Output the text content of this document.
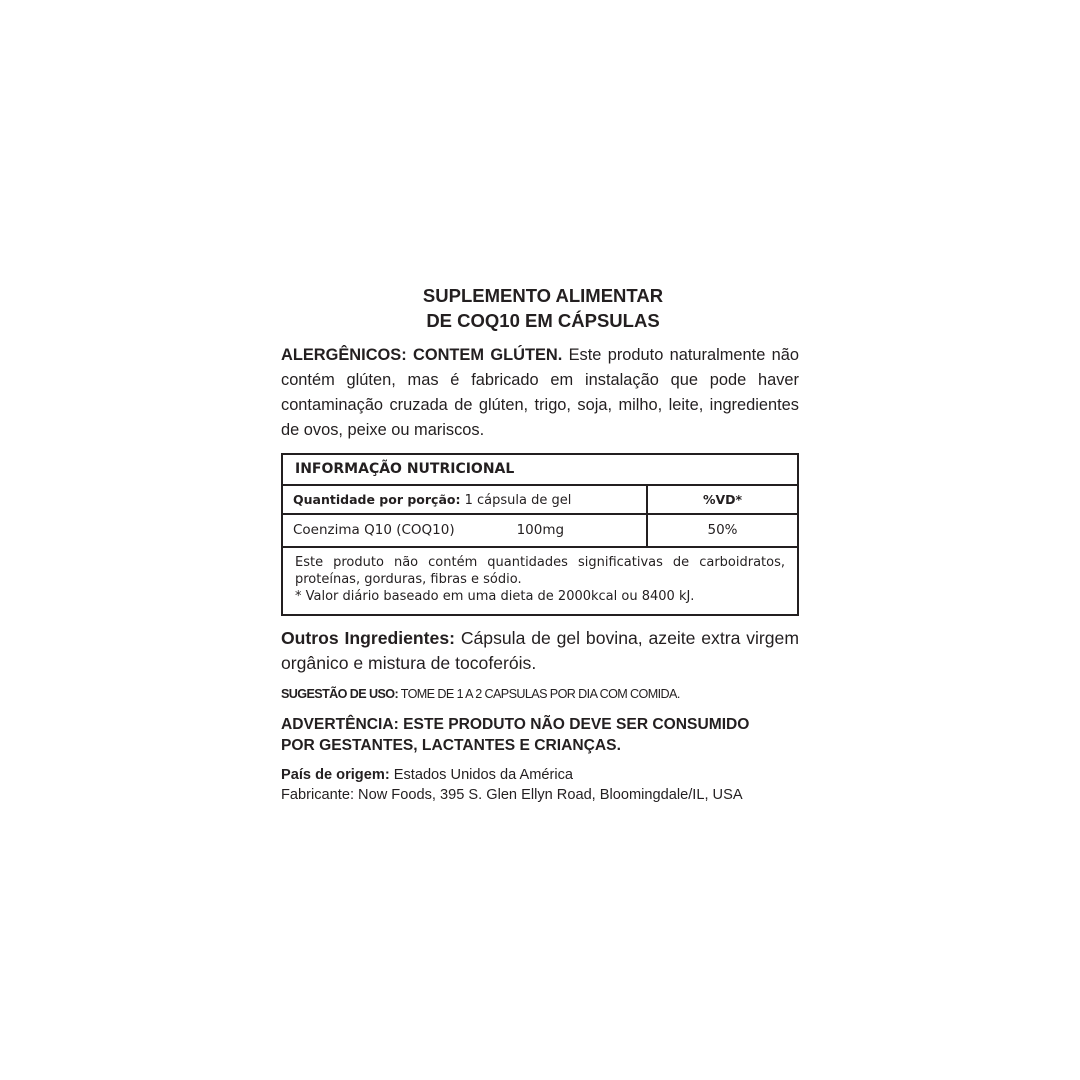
SUPLEMENTO ALIMENTAR
DE COQ10 EM CÁPSULAS

ALERGÊNICOS: CONTEM GLÚTEN. Este produto naturalmente não contém glúten, mas é fabricado em instalação que pode haver contaminação cruzada de glúten, trigo, soja, milho, leite, ingredientes de ovos, peixe ou mariscos.

INFORMAÇÃO NUTRICIONAL
Quantidade por porção: 1 cápsula de gel	%VD*
Coenzima Q10 (COQ10)	100mg	50%
Este produto não contém quantidades significativas de carboidratos, proteínas, gorduras, fibras e sódio.
* Valor diário baseado em uma dieta de 2000kcal ou 8400 kJ.
Outros Ingredientes: Cápsula de gel bovina, azeite extra virgem orgânico e mistura de tocoferóis.
SUGESTÃO DE USO: TOME DE 1 A 2 CAPSULAS POR DIA COM COMIDA.
ADVERTÊNCIA: ESTE PRODUTO NÃO DEVE SER CONSUMIDO
POR GESTANTES, LACTANTES E CRIANÇAS.
País de origem: Estados Unidos da América
Fabricante: Now Foods, 395 S. Glen Ellyn Road, Bloomingdale/IL, USA
